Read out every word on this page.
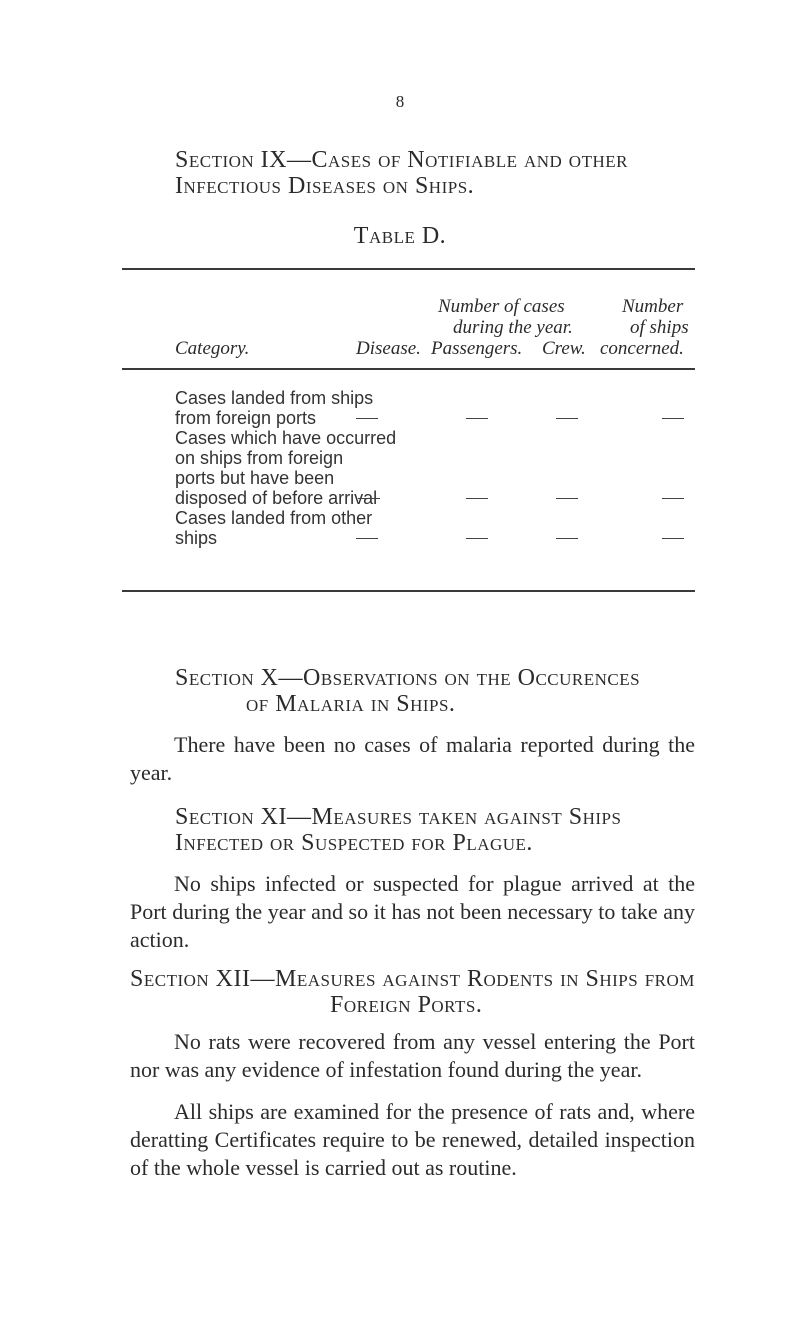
8
Section IX—Cases of Notifiable and other
Infectious Diseases on Ships.
Table D.
Number of cases
during the year.
Number
of ships
Category.	Disease. Passengers. Crew. concerned.
Cases landed from ships
from foreign ports
Cases which have occurred
on ships from foreign
ports but have been
disposed of before arrival
Cases landed from other
ships
Section X—Observations on the Occurences
of Malaria in Ships.

There have been no cases of malaria reported during the year.

Section XI—Measures taken against Ships
Infected or Suspected for Plague.

No ships infected or suspected for plague arrived at the Port during the year and so it has not been necessary to take any action.

Section XII—Measures against Rodents in Ships from
Foreign Ports.

No rats were recovered from any vessel entering the Port nor was any evidence of infestation found during the year.

All ships are examined for the presence of rats and, where deratting Certificates require to be renewed, detailed inspection of the whole vessel is carried out as routine.
